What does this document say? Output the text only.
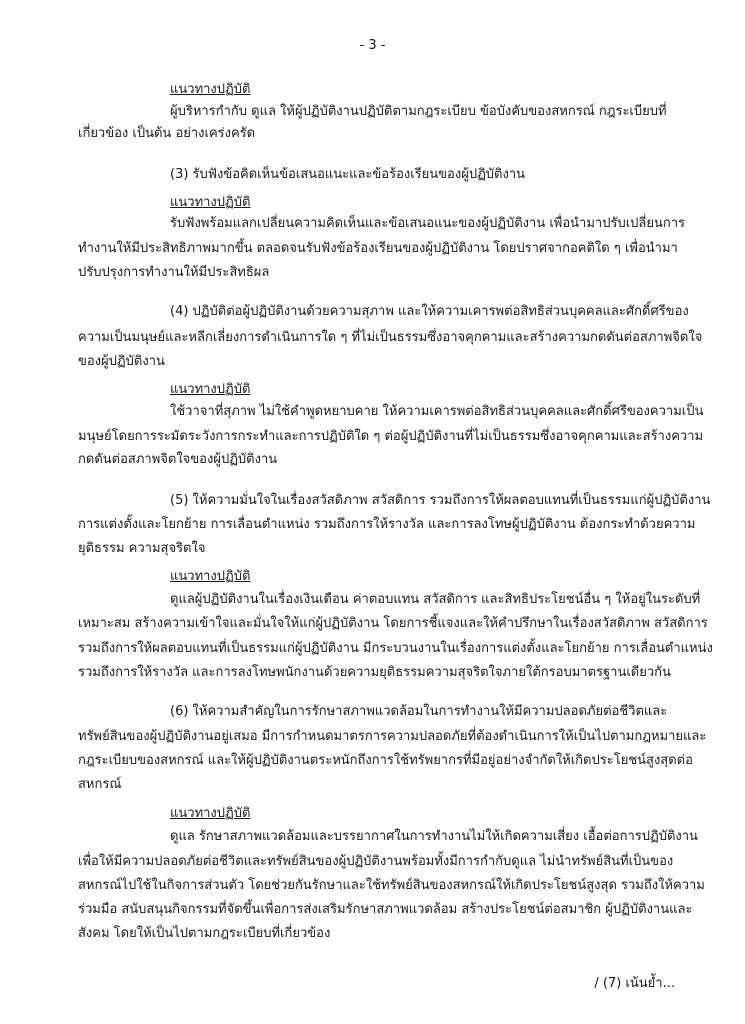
- 3 -
แนวทางปฏิบัติ
ผู้บริหารกำกับ ดูแล ให้ผู้ปฏิบัติงานปฏิบัติตามกฎระเบียบ ข้อบังคับของสหกรณ์ กฎระเบียบที่
เกี่ยวข้อง เป็นต้น อย่างเคร่งครัด
(3) รับฟังข้อคิดเห็นข้อเสนอแนะและข้อร้องเรียนของผู้ปฏิบัติงาน
แนวทางปฏิบัติ
รับฟังพร้อมแลกเปลี่ยนความคิดเห็นและข้อเสนอแนะของผู้ปฏิบัติงาน เพื่อนำมาปรับเปลี่ยนการ
ทำงานให้มีประสิทธิภาพมากขึ้น ตลอดจนรับฟังข้อร้องเรียนของผู้ปฏิบัติงาน โดยปราศจากอคติใด ๆ เพื่อนำมา
ปรับปรุงการทำงานให้มีประสิทธิผล
(4) ปฏิบัติต่อผู้ปฏิบัติงานด้วยความสุภาพ และให้ความเคารพต่อสิทธิส่วนบุคคลและศักดิ์ศรีของ
ความเป็นมนุษย์และหลีกเลี่ยงการดำเนินการใด ๆ ที่ไม่เป็นธรรมซึ่งอาจคุกคามและสร้างความกดดันต่อสภาพจิตใจ
ของผู้ปฏิบัติงาน
แนวทางปฏิบัติ
ใช้วาจาที่สุภาพ ไม่ใช้คำพูดหยาบคาย ให้ความเคารพต่อสิทธิส่วนบุคคลและศักดิ์ศรีของความเป็น
มนุษย์โดยการระมัดระวังการกระทำและการปฏิบัติใด ๆ ต่อผู้ปฏิบัติงานที่ไม่เป็นธรรมซึ่งอาจคุกคามและสร้างความ
กดดันต่อสภาพจิตใจของผู้ปฏิบัติงาน
(5) ให้ความมั่นใจในเรื่องสวัสดิภาพ สวัสดิการ รวมถึงการให้ผลตอบแทนที่เป็นธรรมแก่ผู้ปฏิบัติงาน
การแต่งตั้งและโยกย้าย การเลื่อนตำแหน่ง รวมถึงการให้รางวัล และการลงโทษผู้ปฏิบัติงาน ต้องกระทำด้วยความ
ยุติธรรม ความสุจริตใจ
แนวทางปฏิบัติ
ดูแลผู้ปฏิบัติงานในเรื่องเงินเดือน ค่าตอบแทน สวัสดิการ และสิทธิประโยชน์อื่น ๆ ให้อยู่ในระดับที่
เหมาะสม สร้างความเข้าใจและมั่นใจให้แก่ผู้ปฏิบัติงาน โดยการชี้แจงและให้คำปรึกษาในเรื่องสวัสดิภาพ สวัสดิการ
รวมถึงการให้ผลตอบแทนที่เป็นธรรมแก่ผู้ปฏิบัติงาน มีกระบวนงานในเรื่องการแต่งตั้งและโยกย้าย การเลื่อนตำแหน่ง
รวมถึงการให้รางวัล และการลงโทษพนักงานด้วยความยุติธรรมความสุจริตใจภายใต้กรอบมาตรฐานเดียวกัน
(6) ให้ความสำคัญในการรักษาสภาพแวดล้อมในการทำงานให้มีความปลอดภัยต่อชีวิตและ
ทรัพย์สินของผู้ปฏิบัติงานอยู่เสมอ มีการกำหนดมาตรการความปลอดภัยที่ต้องดำเนินการให้เป็นไปตามกฎหมายและ
กฎระเบียบของสหกรณ์ และให้ผู้ปฏิบัติงานตระหนักถึงการใช้ทรัพยากรที่มีอยู่อย่างจำกัดให้เกิดประโยชน์สูงสุดต่อ
สหกรณ์
แนวทางปฏิบัติ
ดูแล รักษาสภาพแวดล้อมและบรรยากาศในการทำงานไม่ให้เกิดความเสี่ยง เอื้อต่อการปฏิบัติงาน
เพื่อให้มีความปลอดภัยต่อชีวิตและทรัพย์สินของผู้ปฏิบัติงานพร้อมทั้งมีการกำกับดูแล ไม่นำทรัพย์สินที่เป็นของ
สหกรณ์ไปใช้ในกิจการส่วนตัว โดยช่วยกันรักษาและใช้ทรัพย์สินของสหกรณ์ให้เกิดประโยชน์สูงสุด รวมถึงให้ความ
ร่วมมือ สนับสนุนกิจกรรมที่จัดขึ้นเพื่อการส่งเสริมรักษาสภาพแวดล้อม สร้างประโยชน์ต่อสมาชิก ผู้ปฏิบัติงานและ
สังคม โดยให้เป็นไปตามกฎระเบียบที่เกี่ยวข้อง
/ (7) เน้นย้ำ...
